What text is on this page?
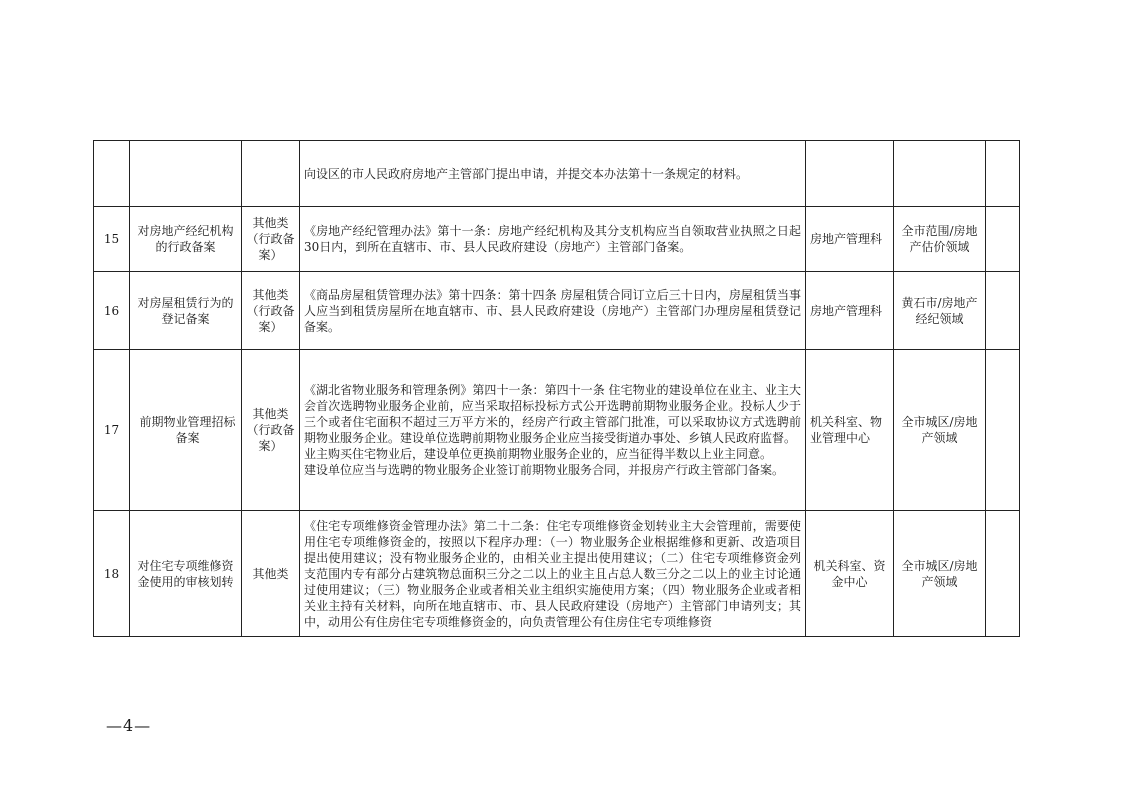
			向设区的市人民政府房地产主管部门提出申请，并提交本办法第十一条规定的材料。			

15	对房地产经纪机构的行政备案	其他类（行政备案）	《房地产经纪管理办法》第十一条：房地产经纪机构及其分支机构应当自领取营业执照之日起30日内，到所在直辖市、市、县人民政府建设（房地产）主管部门备案。	房地产管理科	全市范围/房地产估价领域	
16	对房屋租赁行为的登记备案	其他类（行政备案）	《商品房屋租赁管理办法》第十四条：第十四条 房屋租赁合同订立后三十日内，房屋租赁当事人应当到租赁房屋所在地直辖市、市、县人民政府建设（房地产）主管部门办理房屋租赁登记备案。	房地产管理科	黄石市/房地产经纪领域	
17	前期物业管理招标备案	其他类（行政备案）	《湖北省物业服务和管理条例》第四十一条：第四十一条 住宅物业的建设单位在业主、业主大会首次选聘物业服务企业前，应当采取招标投标方式公开选聘前期物业服务企业。投标人少于三个或者住宅面积不超过三万平方米的，经房产行政主管部门批准，可以采取协议方式选聘前期物业服务企业。建设单位选聘前期物业服务企业应当接受街道办事处、乡镇人民政府监督。

业主购买住宅物业后，建设单位更换前期物业服务企业的，应当征得半数以上业主同意。

建设单位应当与选聘的物业服务企业签订前期物业服务合同，并报房产行政主管部门备案。	机关科室、物业管理中心	全市城区/房地产领域	
18	对住宅专项维修资金使用的审核划转	其他类	《住宅专项维修资金管理办法》第二十二条：住宅专项维修资金划转业主大会管理前，需要使用住宅专项维修资金的，按照以下程序办理：（一）物业服务企业根据维修和更新、改造项目提出使用建议；没有物业服务企业的，由相关业主提出使用建议；（二）住宅专项维修资金列支范围内专有部分占建筑物总面积三分之二以上的业主且占总人数三分之二以上的业主讨论通过使用建议；（三）物业服务企业或者相关业主组织实施使用方案；（四）物业服务企业或者相关业主持有关材料，向所在地直辖市、市、县人民政府建设（房地产）主管部门申请列支；其中，动用公有住房住宅专项维修资金的，向负责管理公有住房住宅专项维修资	机关科室、资金中心	全市城区/房地产领域	
—4—
